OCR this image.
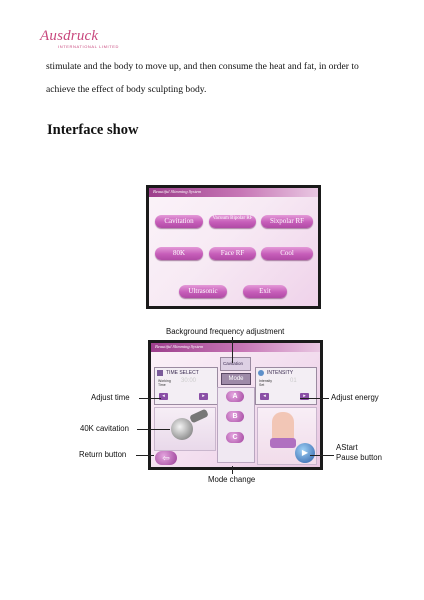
Ausdruck
INTERNATIONAL LIMITED
stimulate and the body to move up, and then consume the heat and fat, in order to
achieve the effect of body sculpting body.
Interface show
Beautiful Slimming System
Cavitation	Vacuum Bipolar RF	Sixpolar RF
80K	Face RF	Cool
Ultrasonic	Exit
Beautiful Slimming System
TIME SELECT
Working Time
30:00
◂	▸
Cavitation
Mode
A
B
C
INTENSITY
Intensity Set
01
◂	▸
⇦
▶
Background frequency adjustment
Adjust time	Adjust energy
40K cavitation
Return button
AStart
Pause button
Mode change
